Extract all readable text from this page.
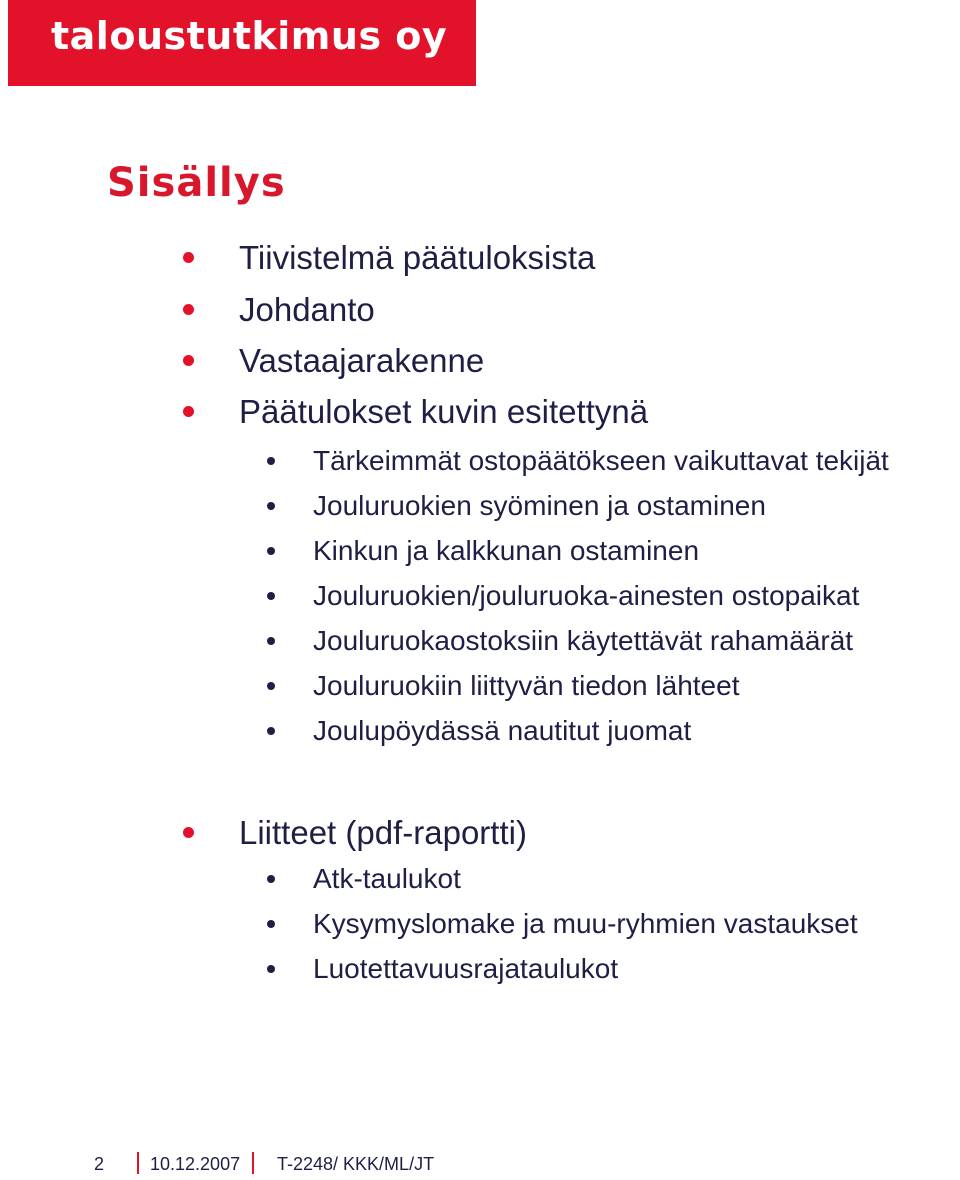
taloustutkimus oy
Sisällys
Tiivistelmä päätuloksista
Johdanto
Vastaajarakenne
Päätulokset kuvin esitettynä
Tärkeimmät ostopäätökseen vaikuttavat tekijät
Jouluruokien syöminen ja ostaminen
Kinkun ja kalkkunan ostaminen
Jouluruokien/jouluruoka-ainesten ostopaikat
Jouluruokaostoksiin käytettävät rahamäärät
Jouluruokiin liittyvän tiedon lähteet
Joulupöydässä nautitut juomat
Liitteet (pdf-raportti)
Atk-taulukot
Kysymyslomake ja muu-ryhmien vastaukset
Luotettavuusrajataulukot
2	10.12.2007 T-2248/ KKK/ML/JT
